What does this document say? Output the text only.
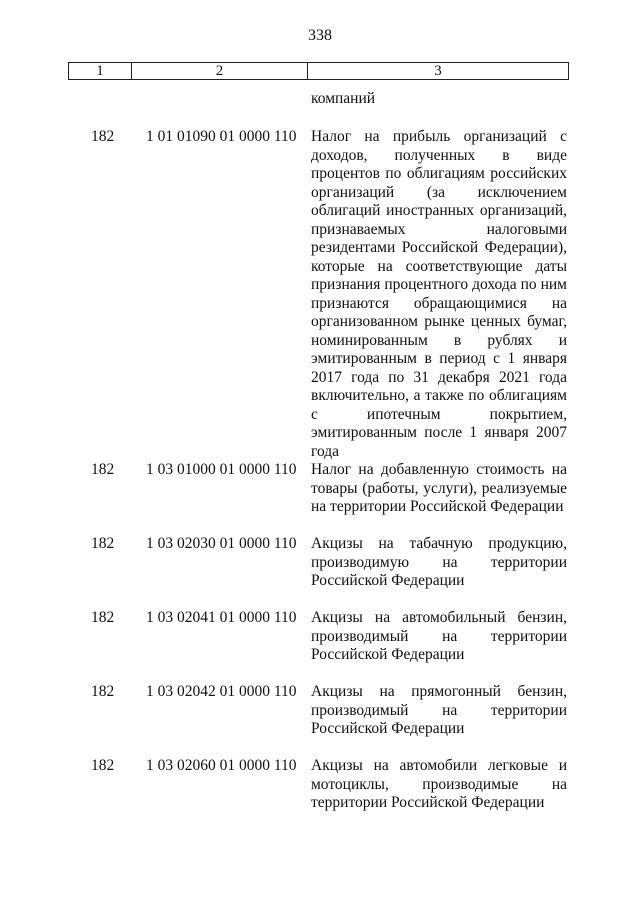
338
1	2	3
компаний
182 1 01 01090 01 0000 110 Налог на прибыль организаций с доходов, полученных в виде процентов по облигациям российских организаций (за исключением облигаций иностранных организаций, признаваемых налоговыми резидентами Российской Федерации), которые на соответствующие даты признания процентного дохода по ним признаются обращающимися на организованном рынке ценных бумаг, номинированным в рублях и эмитированным в период с 1 января 2017 года по 31 декабря 2021 года включительно, а также по облигациям с ипотечным покрытием, эмитированным после 1 января 2007 года
182 1 03 01000 01 0000 110 Налог на добавленную стоимость на товары (работы, услуги), реализуемые на территории Российской Федерации
182 1 03 02030 01 0000 110 Акцизы на табачную продукцию, производимую на территории Российской Федерации
182 1 03 02041 01 0000 110 Акцизы на автомобильный бензин, производимый на территории Российской Федерации
182 1 03 02042 01 0000 110 Акцизы на прямогонный бензин, производимый на территории Российской Федерации
182 1 03 02060 01 0000 110 Акцизы на автомобили легковые и мотоциклы, производимые на территории Российской Федерации
